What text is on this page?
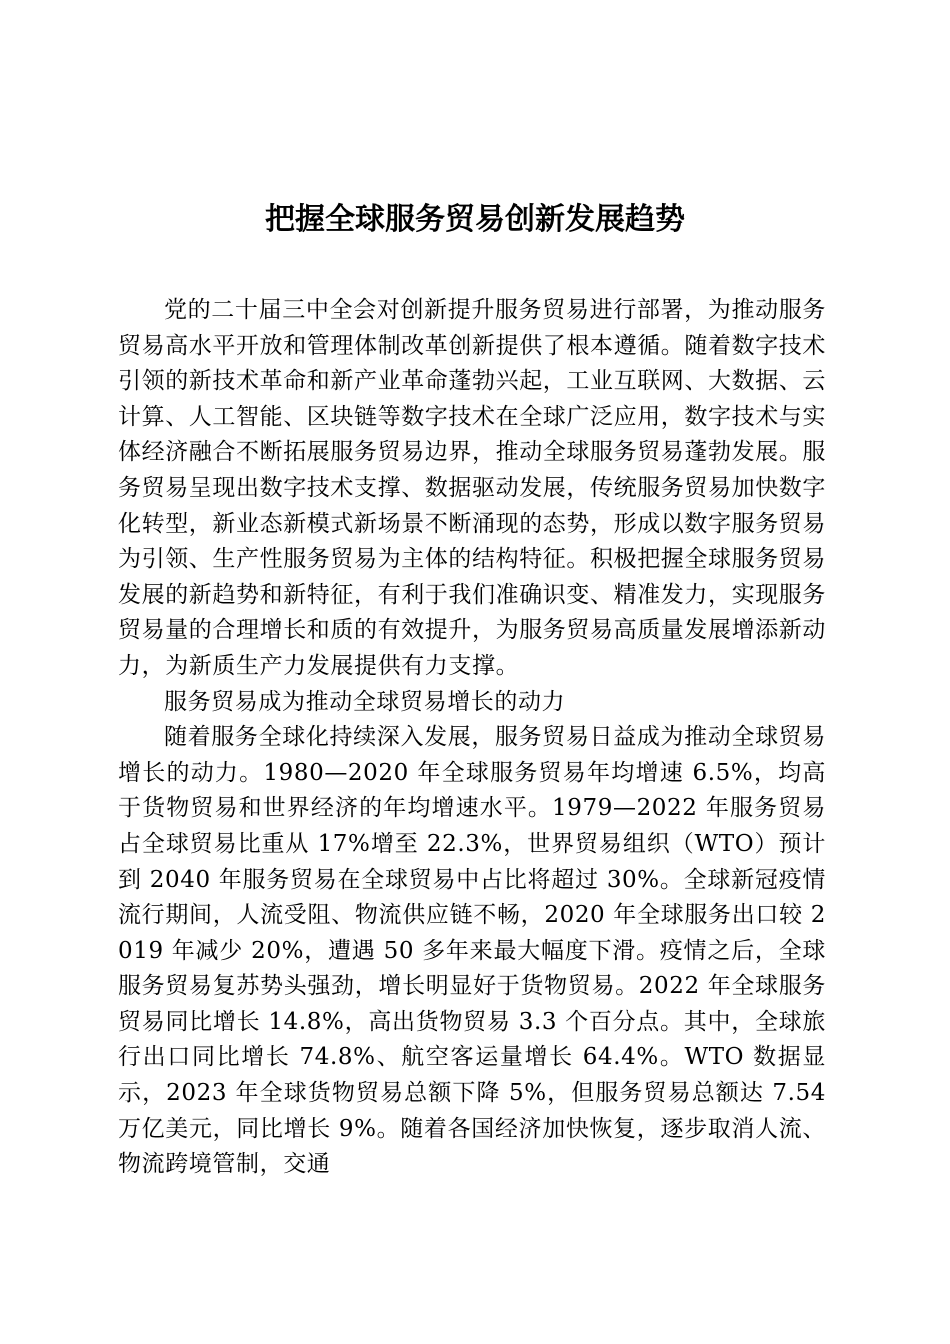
把握全球服务贸易创新发展趋势

党的二十届三中全会对创新提升服务贸易进行部署，为推动服务贸易高水平开放和管理体制改革创新提供了根本遵循。随着数字技术引领的新技术革命和新产业革命蓬勃兴起，工业互联网、大数据、云计算、人工智能、区块链等数字技术在全球广泛应用，数字技术与实体经济融合不断拓展服务贸易边界，推动全球服务贸易蓬勃发展。服务贸易呈现出数字技术支撑、数据驱动发展，传统服务贸易加快数字化转型，新业态新模式新场景不断涌现的态势，形成以数字服务贸易为引领、生产性服务贸易为主体的结构特征。积极把握全球服务贸易发展的新趋势和新特征，有利于我们准确识变、精准发力，实现服务贸易量的合理增长和质的有效提升，为服务贸易高质量发展增添新动力，为新质生产力发展提供有力支撑。

服务贸易成为推动全球贸易增长的动力

随着服务全球化持续深入发展，服务贸易日益成为推动全球贸易增长的动力。1980—2020 年全球服务贸易年均增速 6.5%，均高于货物贸易和世界经济的年均增速水平。1979—2022 年服务贸易占全球贸易比重从 17%增至 22.3%，世界贸易组织（WTO）预计到 2040 年服务贸易在全球贸易中占比将超过 30%。全球新冠疫情流行期间，人流受阻、物流供应链不畅，2020 年全球服务出口较 2019 年减少 20%，遭遇 50 多年来最大幅度下滑。疫情之后，全球服务贸易复苏势头强劲，增长明显好于货物贸易。2022 年全球服务贸易同比增长 14.8%，高出货物贸易 3.3 个百分点。其中，全球旅行出口同比增长 74.8%、航空客运量增长 64.4%。WTO 数据显示，2023 年全球货物贸易总额下降 5%，但服务贸易总额达 7.54 万亿美元，同比增长 9%。随着各国经济加快恢复，逐步取消人流、物流跨境管制，交通
